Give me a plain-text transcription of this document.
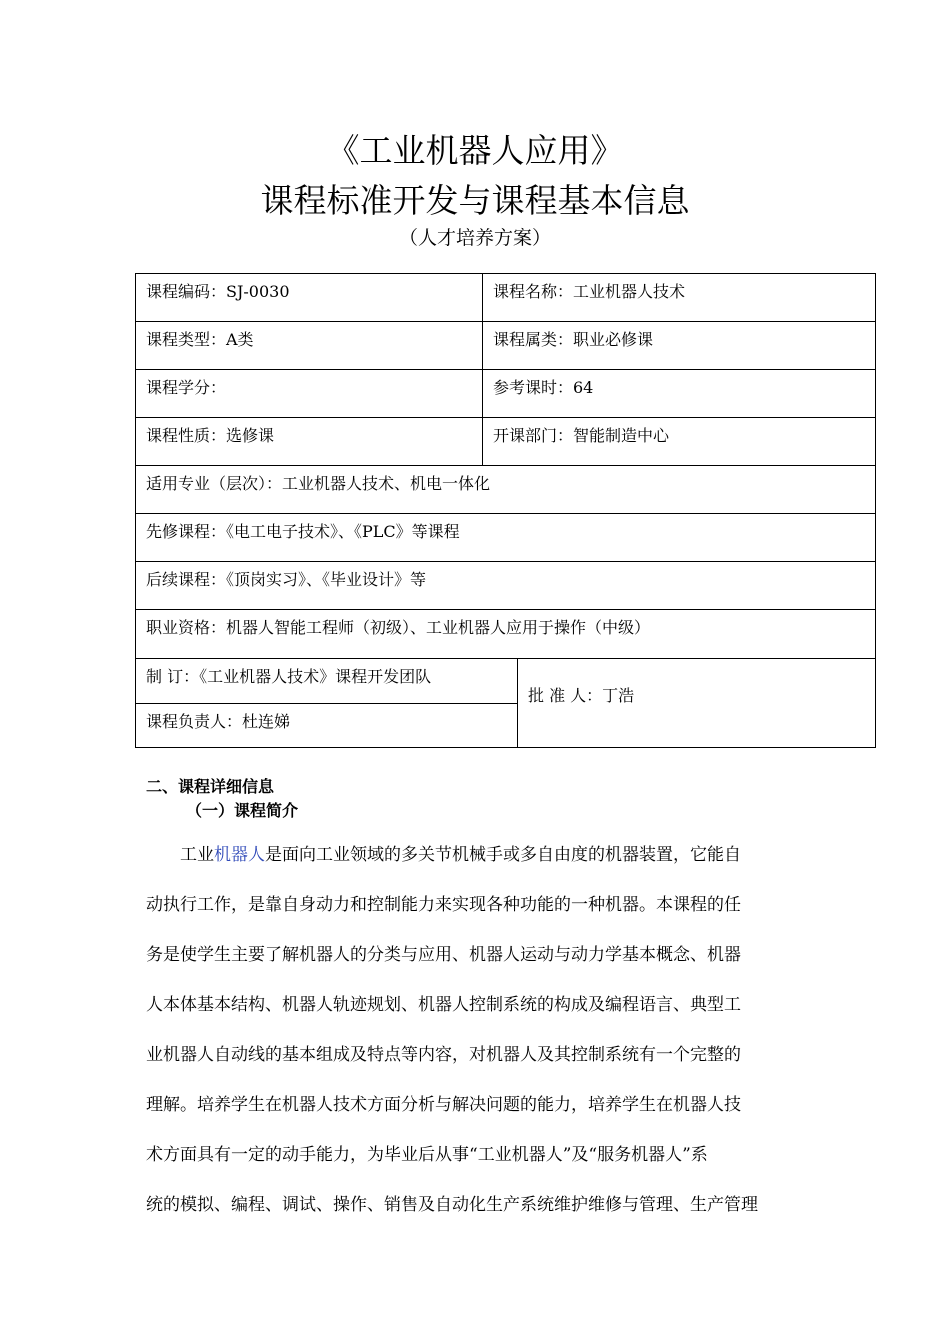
《工业机器人应用》
课程标准开发与课程基本信息
（人才培养方案）
课程编码：SJ-0030	课程名称：工业机器人技术
课程类型：A类	课程属类：职业必修课
课程学分：	参考课时：64
课程性质：选修课	开课部门：智能制造中心
适用专业（层次）：工业机器人技术、机电一体化
先修课程：《电工电子技术》、《PLC》等课程
后续课程：《顶岗实习》、《毕业设计》等
职业资格：机器人智能工程师（初级）、工业机器人应用于操作（中级）
制 订：《工业机器人技术》课程开发团队
课程负责人：杜连娣
批 准 人：丁浩
二、课程详细信息
（一）课程简介
工业机器人是面向工业领域的多关节机械手或多自由度的机器装置，它能自
动执行工作，是靠自身动力和控制能力来实现各种功能的一种机器。本课程的任
务是使学生主要了解机器人的分类与应用、机器人运动与动力学基本概念、机器
人本体基本结构、机器人轨迹规划、机器人控制系统的构成及编程语言、典型工
业机器人自动线的基本组成及特点等内容，对机器人及其控制系统有一个完整的
理解。培养学生在机器人技术方面分析与解决问题的能力，培养学生在机器人技
术方面具有一定的动手能力，为毕业后从事“工业机器人”及“服务机器人”系
统的模拟、编程、调试、操作、销售及自动化生产系统维护维修与管理、生产管理
